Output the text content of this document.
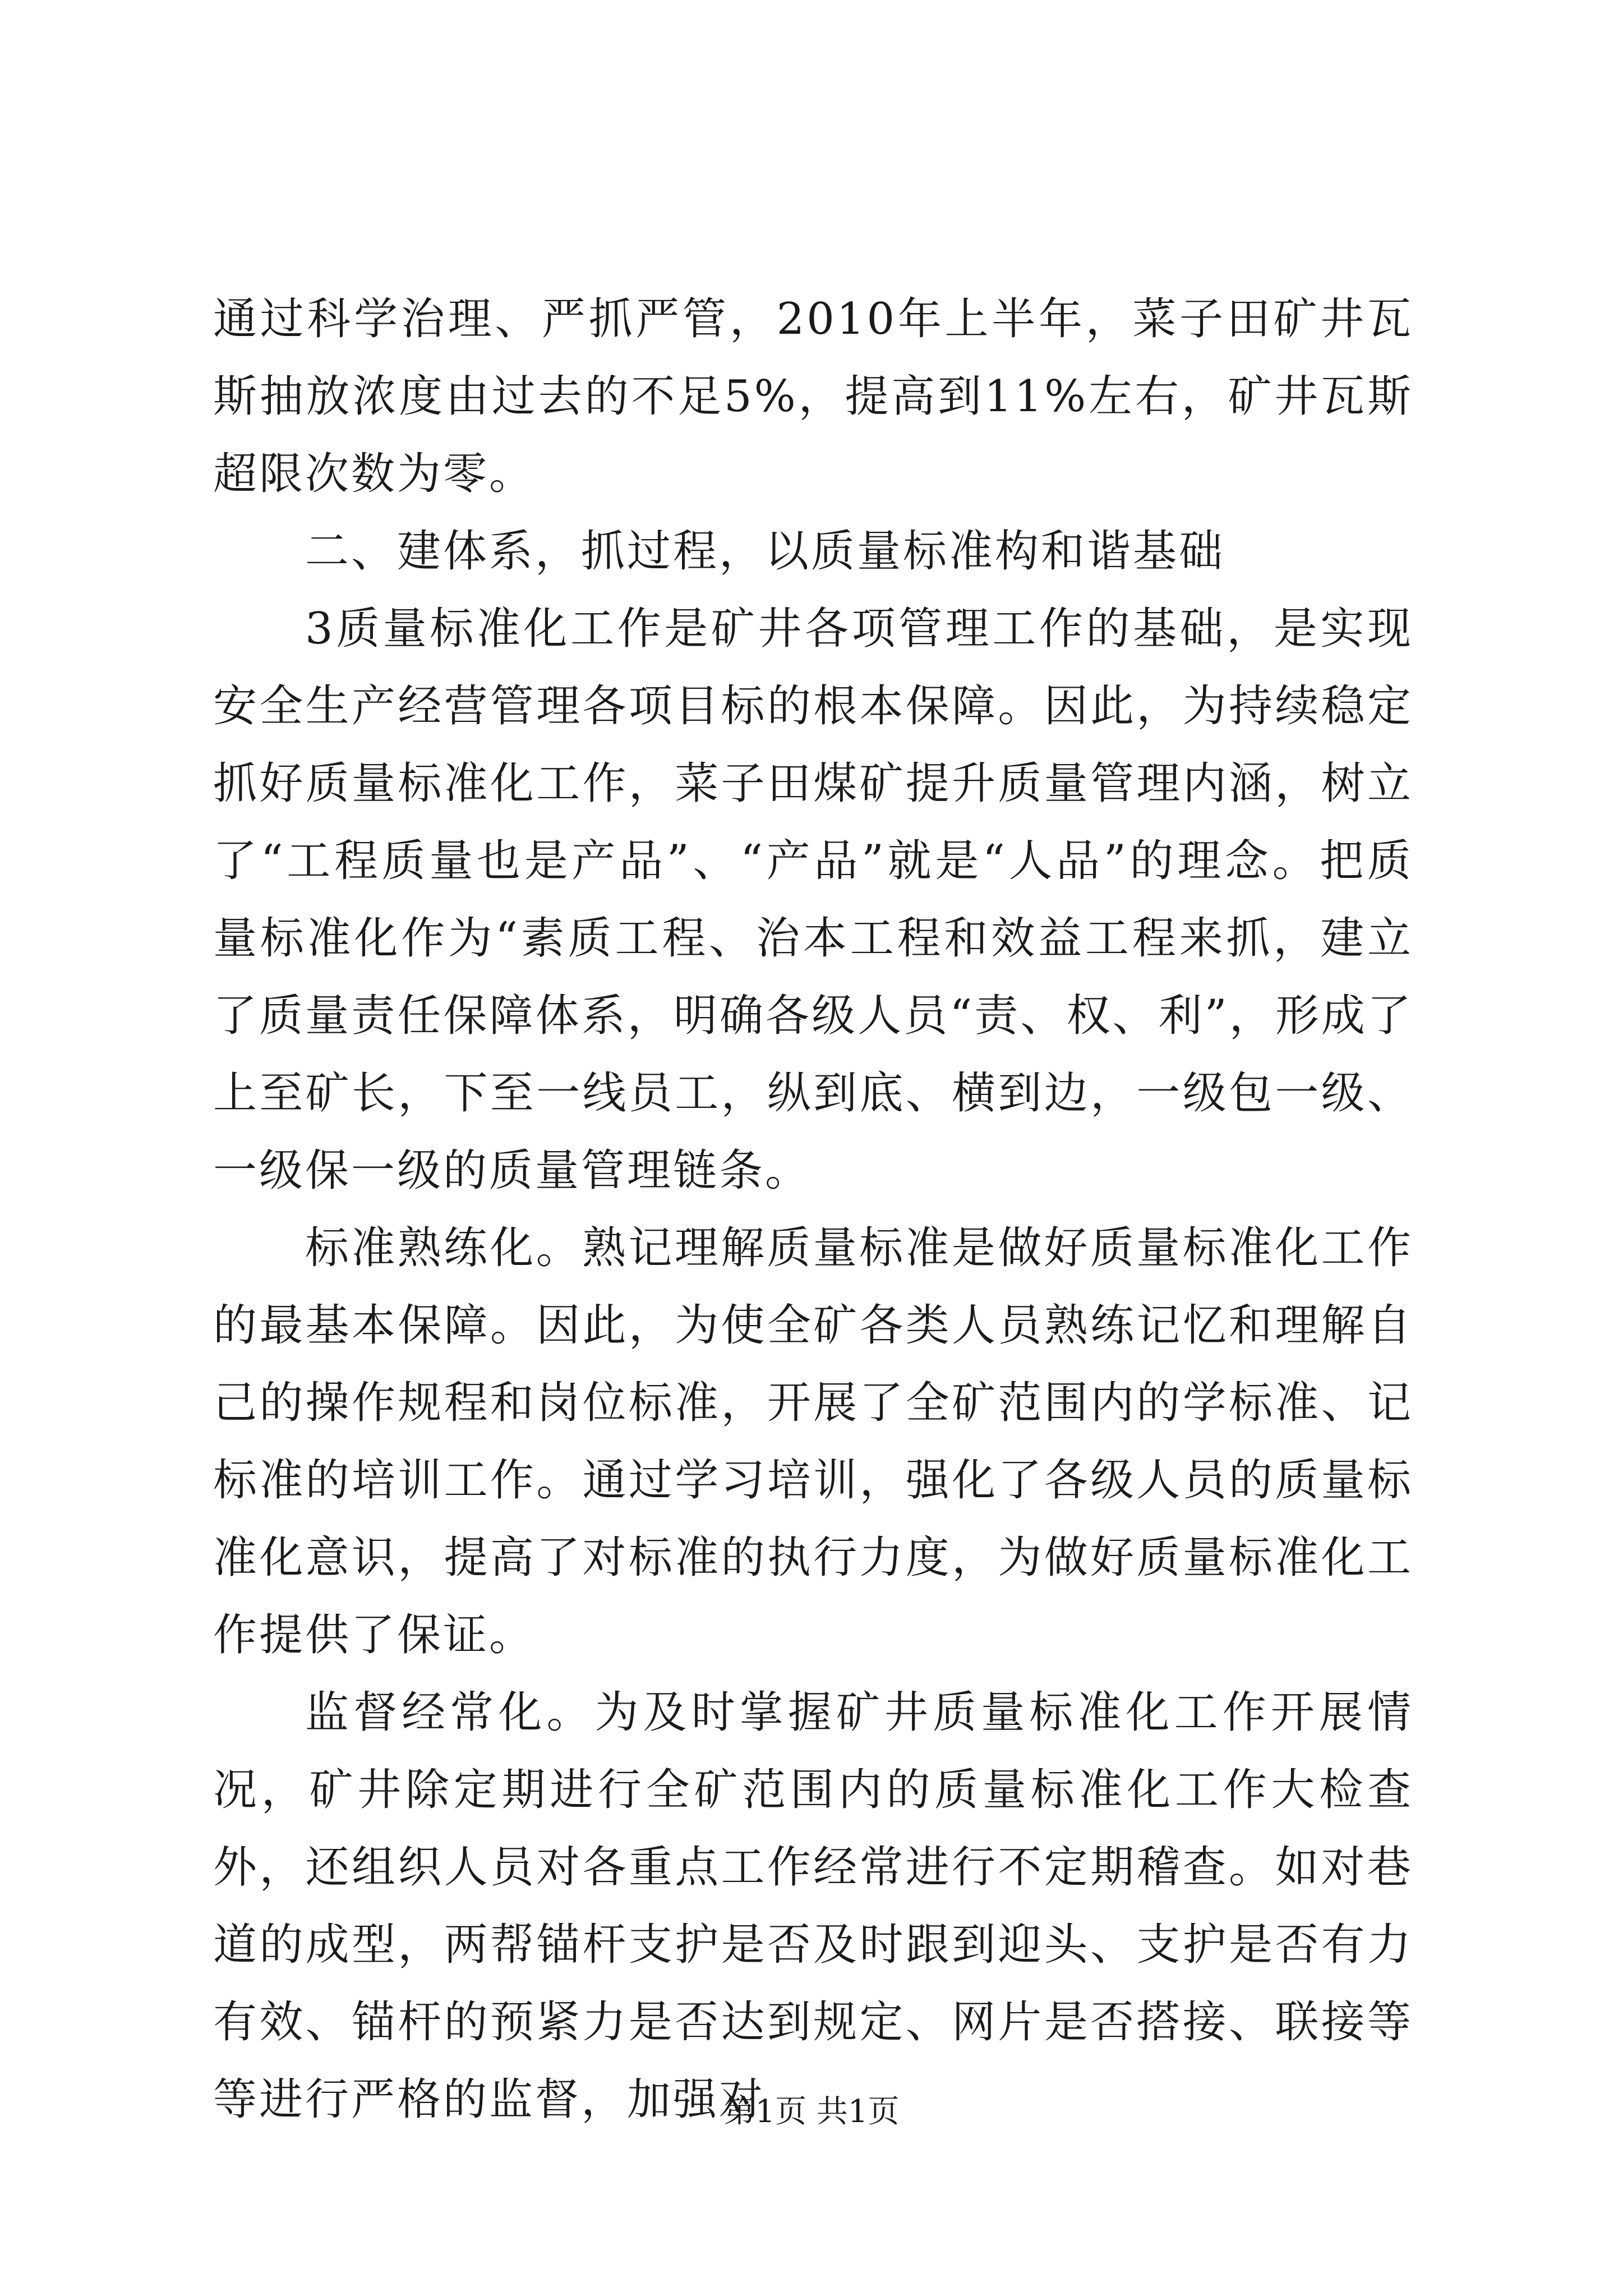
通过科学治理、严抓严管，2010年上半年，菜子田矿井瓦斯抽放浓度由过去的不足5%，提高到11%左右，矿井瓦斯超限次数为零。

二、建体系，抓过程，以质量标准构和谐基础

3质量标准化工作是矿井各项管理工作的基础，是实现安全生产经营管理各项目标的根本保障。因此，为持续稳定抓好质量标准化工作，菜子田煤矿提升质量管理内涵，树立了“工程质量也是产品”、“产品”就是“人品”的理念。把质量标准化作为“素质工程、治本工程和效益工程来抓，建立了质量责任保障体系，明确各级人员“责、权、利”，形成了上至矿长，下至一线员工，纵到底、横到边，一级包一级、一级保一级的质量管理链条。

标准熟练化。熟记理解质量标准是做好质量标准化工作的最基本保障。因此，为使全矿各类人员熟练记忆和理解自己的操作规程和岗位标准，开展了全矿范围内的学标准、记标准的培训工作。通过学习培训，强化了各级人员的质量标准化意识，提高了对标准的执行力度，为做好质量标准化工作提供了保证。

监督经常化。为及时掌握矿井质量标准化工作开展情况，矿井除定期进行全矿范围内的质量标准化工作大检查外，还组织人员对各重点工作经常进行不定期稽查。如对巷道的成型，两帮锚杆支护是否及时跟到迎头、支护是否有力有效、锚杆的预紧力是否达到规定、网片是否搭接、联接等等进行严格的监督，加强对

第1页 共1页
